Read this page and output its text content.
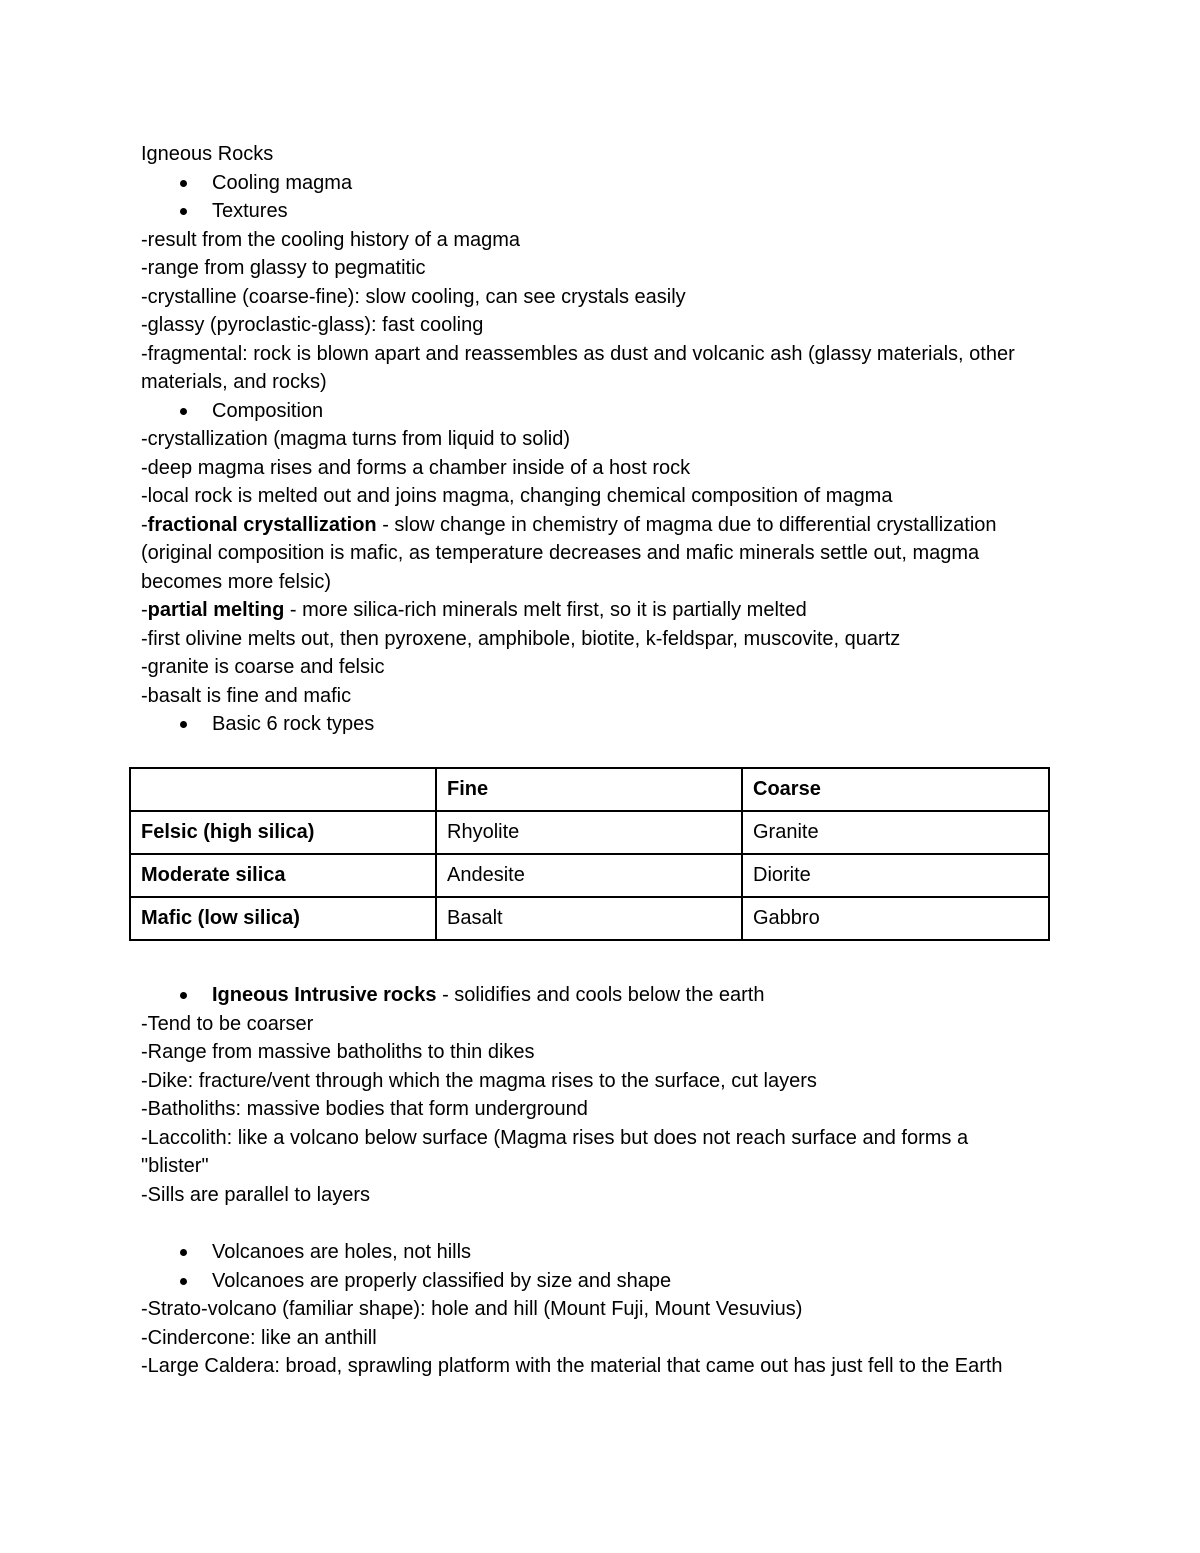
Igneous Rocks
Cooling magma
Textures
-result from the cooling history of a magma
-range from glassy to pegmatitic
-crystalline (coarse-fine): slow cooling, can see crystals easily
-glassy (pyroclastic-glass): fast cooling
-fragmental: rock is blown apart and reassembles as dust and volcanic ash (glassy materials, other materials, and rocks)
Composition
-crystallization (magma turns from liquid to solid)
-deep magma rises and forms a chamber inside of a host rock
-local rock is melted out and joins magma, changing chemical composition of magma
-fractional crystallization - slow change in chemistry of magma due to differential crystallization (original composition is mafic, as temperature decreases and mafic minerals settle out, magma becomes more felsic)
-partial melting - more silica-rich minerals melt first, so it is partially melted
-first olivine melts out, then pyroxene, amphibole, biotite, k-feldspar, muscovite, quartz
-granite is coarse and felsic
-basalt is fine and mafic
Basic 6 rock types
	Fine	Coarse
Felsic (high silica)	Rhyolite	Granite
Moderate silica	Andesite	Diorite
Mafic (low silica)	Basalt	Gabbro
Igneous Intrusive rocks - solidifies and cools below the earth
-Tend to be coarser
-Range from massive batholiths to thin dikes
-Dike: fracture/vent through which the magma rises to the surface, cut layers
-Batholiths: massive bodies that form underground
-Laccolith: like a volcano below surface (Magma rises but does not reach surface and forms a "blister"
-Sills are parallel to layers
Volcanoes are holes, not hills
Volcanoes are properly classified by size and shape
-Strato-volcano (familiar shape): hole and hill (Mount Fuji, Mount Vesuvius)
-Cindercone: like an anthill
-Large Caldera: broad, sprawling platform with the material that came out has just fell to the Earth
